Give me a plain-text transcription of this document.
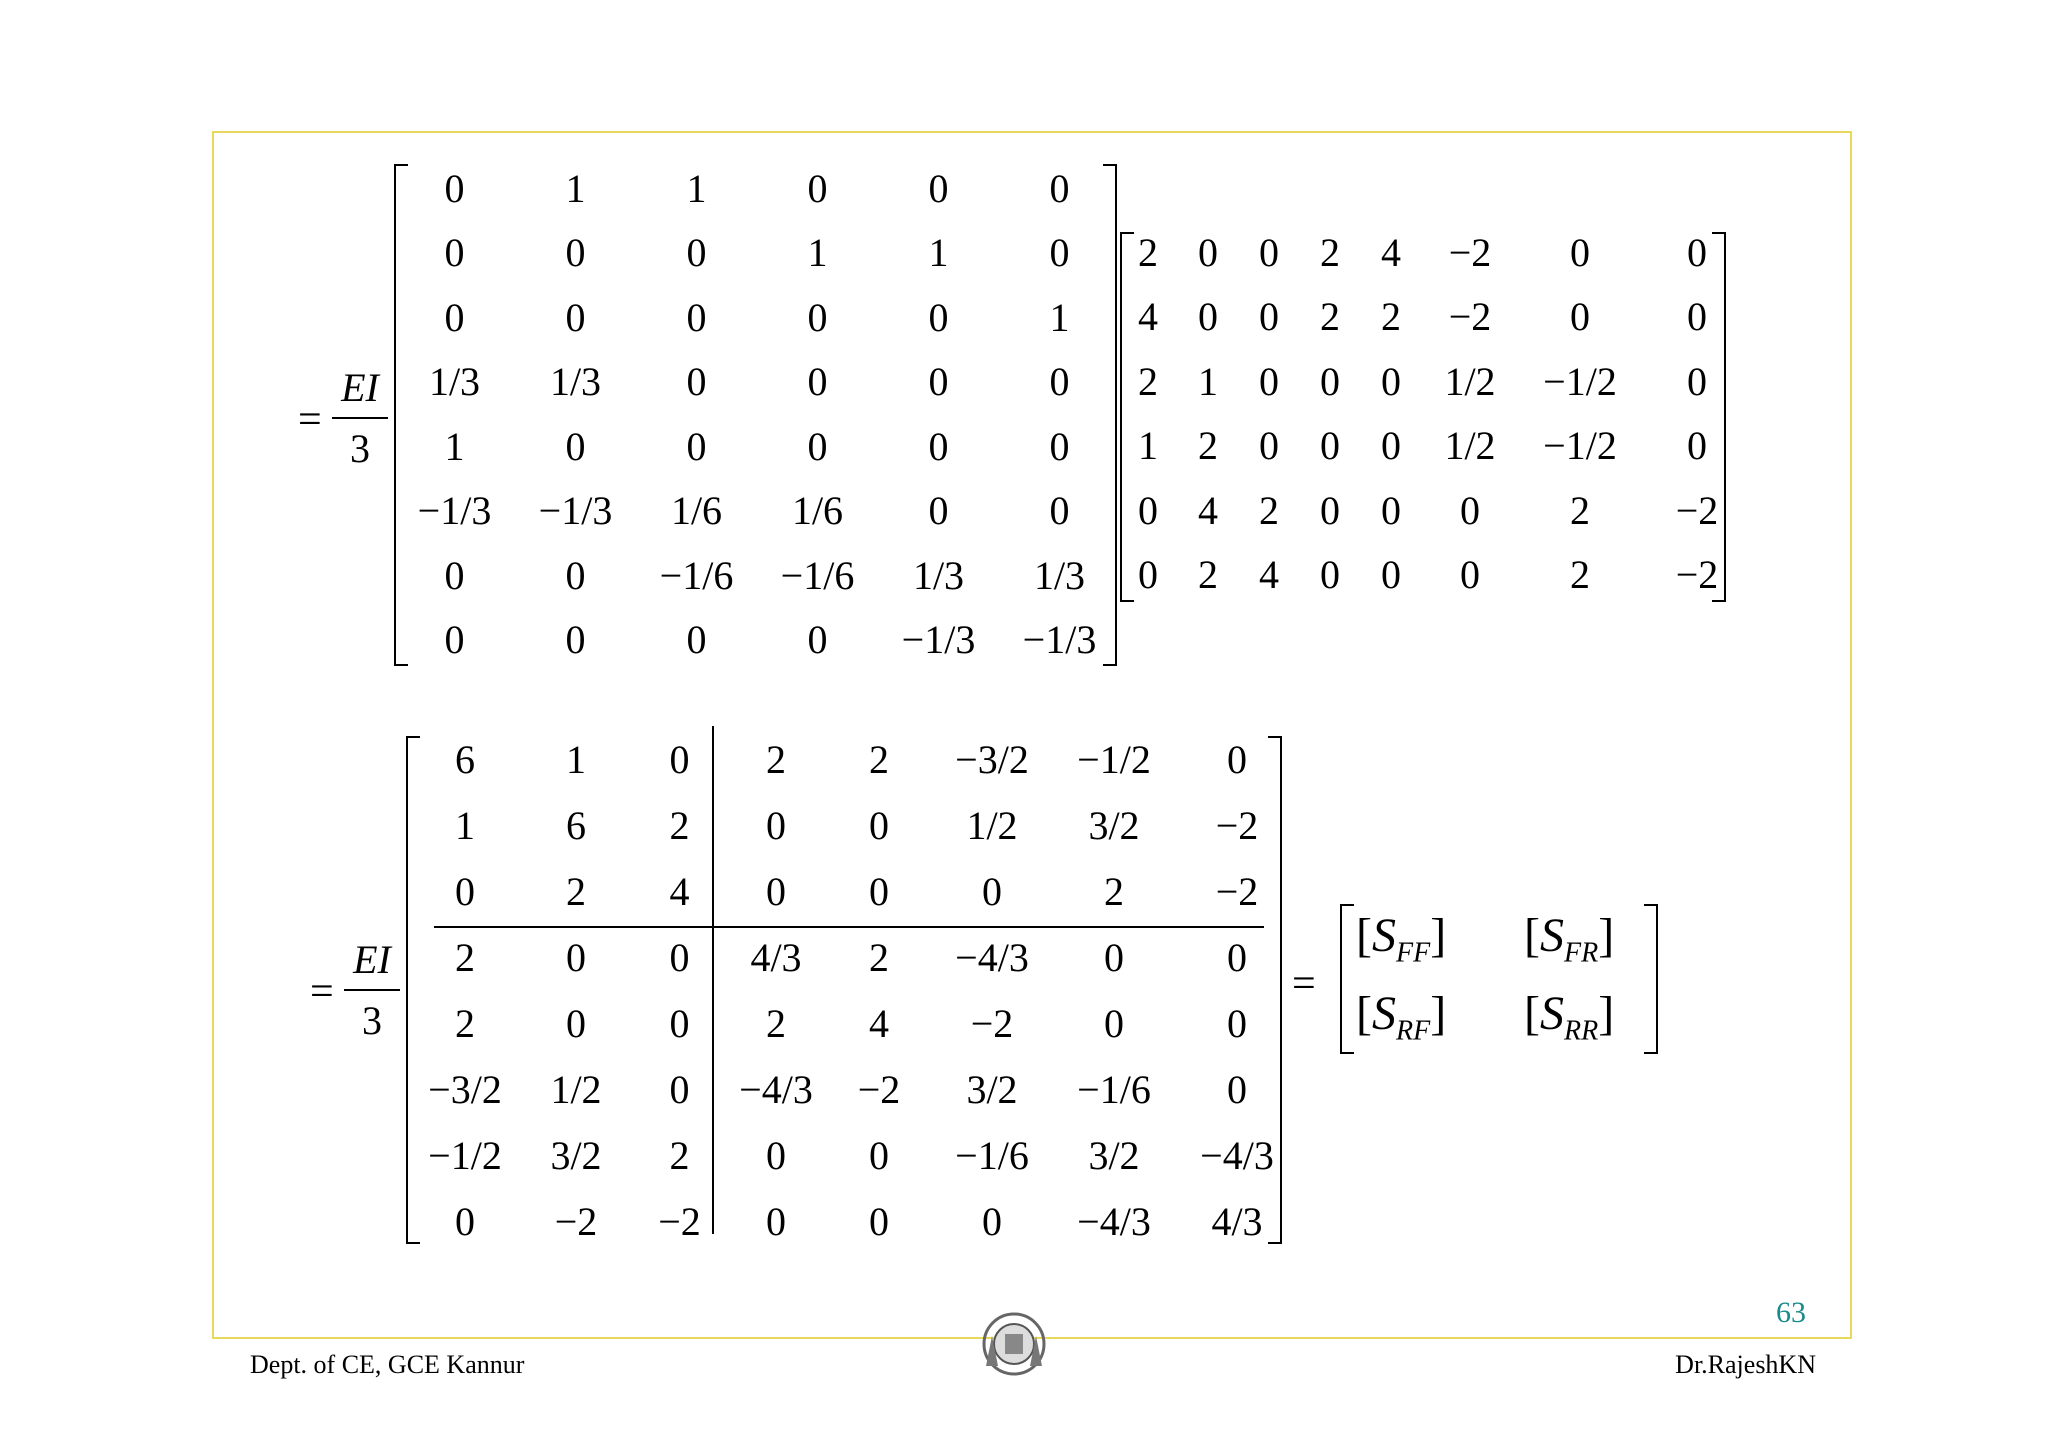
=
EI
3
0	1	1	0	0	0
0	0	0	1	1	0
0	0	0	0	0	1
1/3	1/3	0	0	0	0
1	0	0	0	0	0
−1/3	−1/3	1/6	1/6	0	0
0	0	−1/6	−1/6	1/3	1/3
0	0	0	0	−1/3	−1/3
2	0	0	2	4	−2	0	0
4	0	0	2	2	−2	0	0
2	1	0	0	0	1/2	−1/2	0
1	2	0	0	0	1/2	−1/2	0
0	4	2	0	0	0	2	−2
0	2	4	0	0	0	2	−2
=
EI
3
6	1	0	2	2	−3/2	−1/2	0
1	6	2	0	0	1/2	3/2	−2
0	2	4	0	0	0	2	−2
2	0	0	4/3	2	−4/3	0	0
2	0	0	2	4	−2	0	0
−3/2	1/2	0	−4/3	−2	3/2	−1/6	0
−1/2	3/2	2	0	0	−1/6	3/2	−4/3
0	−2	−2	0	0	0	−4/3	4/3
=
$[S_{FF}]$ $[S_{FR}]$
$[S_{RF}]$ $[S_{RR}]$
63
Dept. of CE, GCE Kannur	Dr.RajeshKN
